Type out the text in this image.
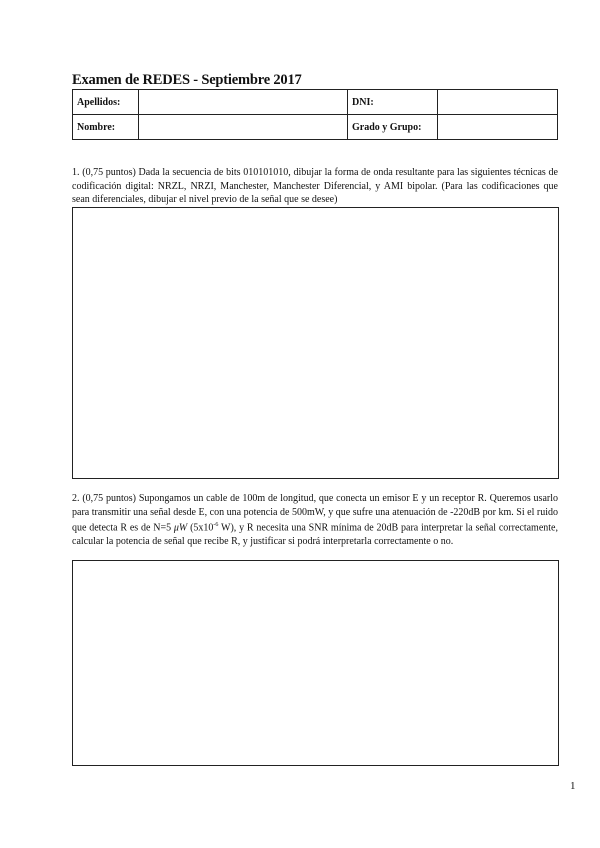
Examen de REDES - Septiembre 2017
Apellidos:		DNI:	
Nombre:		Grado y Grupo:	
1. (0,75 puntos) Dada la secuencia de bits 010101010, dibujar la forma de onda resultante para las siguientes técnicas de codificación digital: NRZL, NRZI, Manchester, Manchester Diferencial, y AMI bipolar. (Para las codificaciones que sean diferenciales, dibujar el nivel previo de la señal que se desee)
2. (0,75 puntos) Supongamos un cable de 100m de longitud, que conecta un emisor E y un receptor R. Queremos usarlo para transmitir una señal desde E, con una potencia de 500mW, y que sufre una atenuación de -220dB por km. Si el ruido que detecta R es de N=5 μW ($5x10^{-6}$ W), y R necesita una SNR mínima de 20dB para interpretar la señal correctamente, calcular la potencia de señal que recibe R, y justificar si podrá interpretarla correctamente o no.
1
